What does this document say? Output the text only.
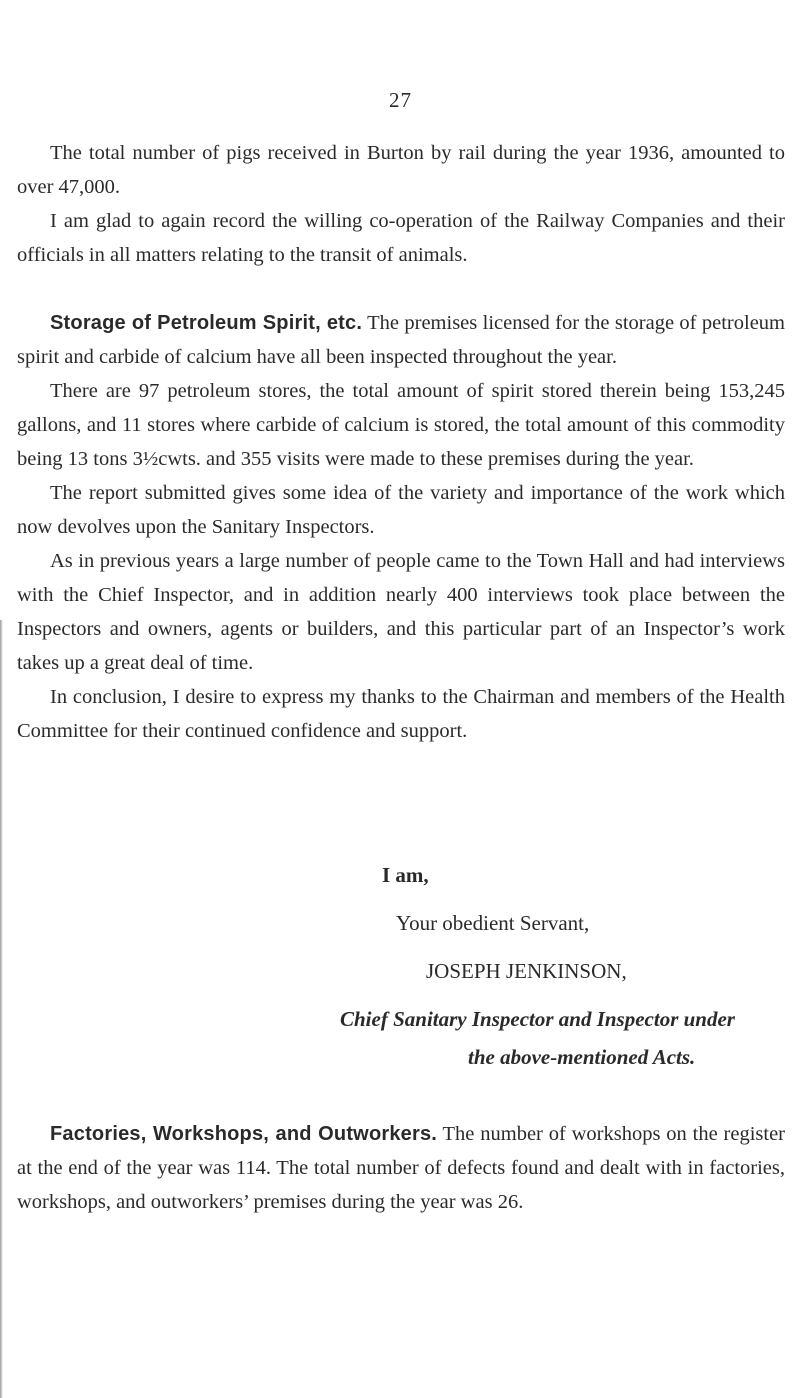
27

The total number of pigs received in Burton by rail during the year 1936, amounted to over 47,000.

I am glad to again record the willing co-operation of the Railway Companies and their officials in all matters relating to the transit of animals.

Storage of Petroleum Spirit, etc. The premises licensed for the storage of petroleum spirit and carbide of calcium have all been inspected throughout the year.

There are 97 petroleum stores, the total amount of spirit stored therein being 153,245 gallons, and 11 stores where carbide of calcium is stored, the total amount of this commodity being 13 tons 3½cwts. and 355 visits were made to these premises during the year.

The report submitted gives some idea of the variety and importance of the work which now devolves upon the Sanitary Inspectors.

As in previous years a large number of people came to the Town Hall and had interviews with the Chief Inspector, and in addition nearly 400 interviews took place between the Inspectors and owners, agents or builders, and this particular part of an Inspector’s work takes up a great deal of time.

In conclusion, I desire to express my thanks to the Chairman and members of the Health Committee for their continued confidence and support.

I am,
Your obedient Servant,
JOSEPH JENKINSON,
Chief Sanitary Inspector and Inspector under
the above-mentioned Acts.

Factories, Workshops, and Outworkers. The number of workshops on the register at the end of the year was 114. The total number of defects found and dealt with in factories, workshops, and outworkers’ premises during the year was 26.
